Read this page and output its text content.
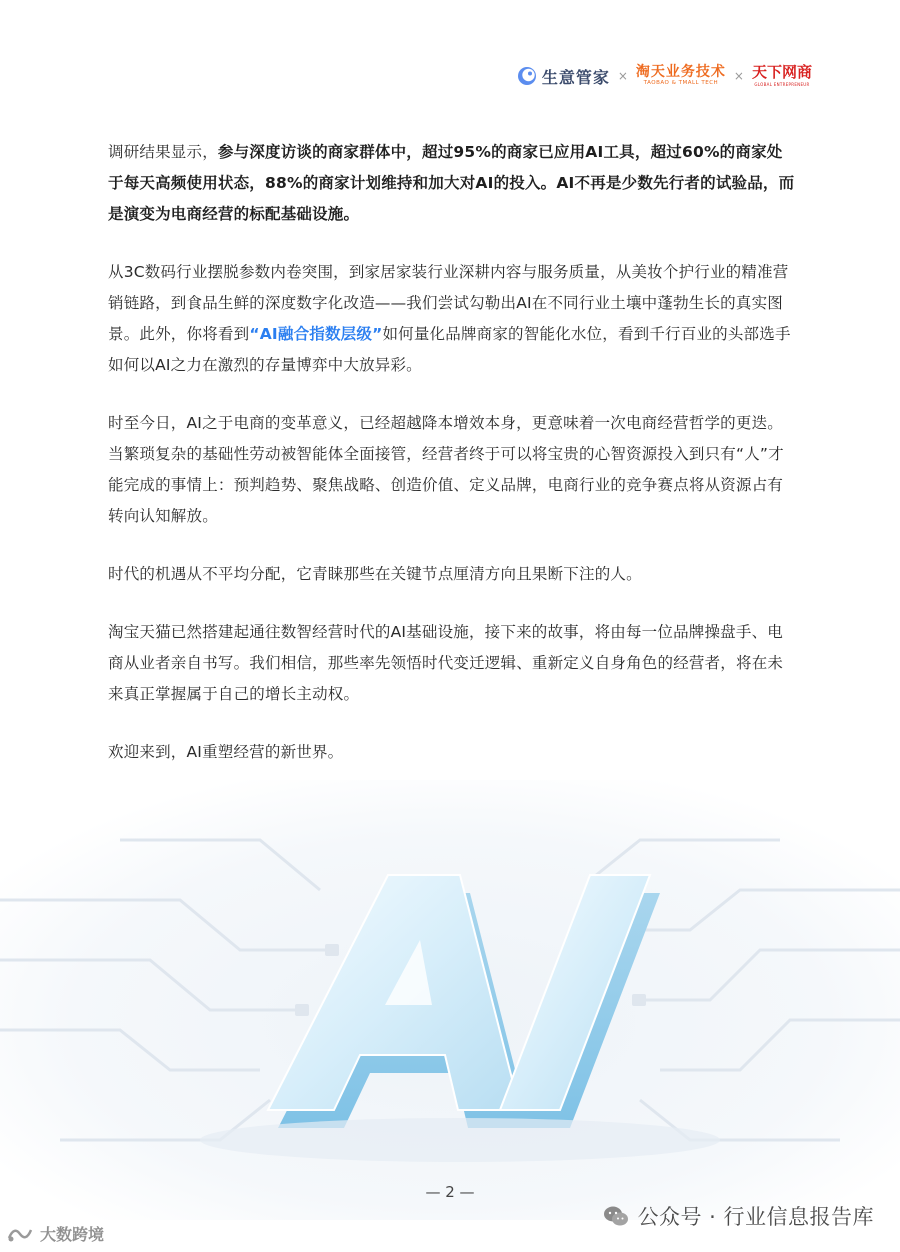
生意管家 × 淘天业务技术
TAOBAO & TMALL TECH
× 天下网商
GLOBAL ENTREPRENEUR

调研结果显示，参与深度访谈的商家群体中，超过95%的商家已应用AI工具，超过60%的商家处于每天高频使用状态，88%的商家计划维持和加大对AI的投入。AI不再是少数先行者的试验品，而是演变为电商经营的标配基础设施。

从3C数码行业摆脱参数内卷突围，到家居家装行业深耕内容与服务质量，从美妆个护行业的精准营销链路，到食品生鲜的深度数字化改造——我们尝试勾勒出AI在不同行业土壤中蓬勃生长的真实图景。此外，你将看到“AI融合指数层级”如何量化品牌商家的智能化水位，看到千行百业的头部选手如何以AI之力在激烈的存量博弈中大放异彩。

时至今日，AI之于电商的变革意义，已经超越降本增效本身，更意味着一次电商经营哲学的更迭。当繁琐复杂的基础性劳动被智能体全面接管，经营者终于可以将宝贵的心智资源投入到只有“人”才能完成的事情上：预判趋势、聚焦战略、创造价值、定义品牌，电商行业的竞争赛点将从资源占有转向认知解放。

时代的机遇从不平均分配，它青睐那些在关键节点厘清方向且果断下注的人。

淘宝天猫已然搭建起通往数智经营时代的AI基础设施，接下来的故事，将由每一位品牌操盘手、电商从业者亲自书写。我们相信，那些率先领悟时代变迁逻辑、重新定义自身角色的经营者，将在未来真正掌握属于自己的增长主动权。

欢迎来到，AI重塑经营的新世界。

— 2 —
公众号 · 行业信息报告库
大数跨境
